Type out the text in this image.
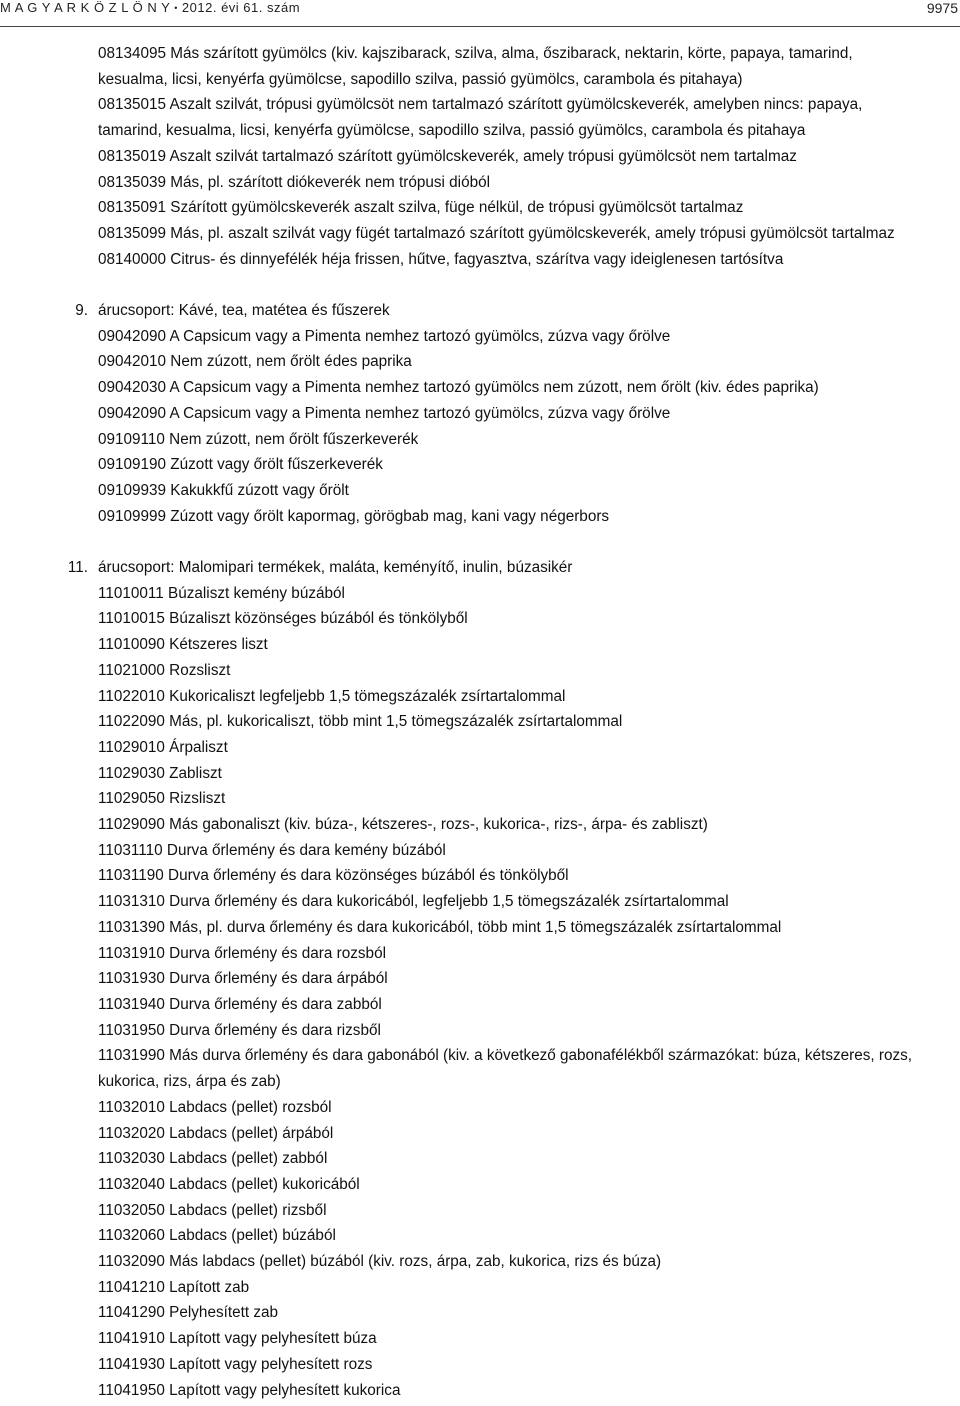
M A G Y A R K Ö Z L Ö N Y • 2012. évi 61. szám	9975
08134095 Más szárított gyümölcs (kiv. kajszibarack, szilva, alma, őszibarack, nektarin, körte, papaya, tamarind,
kesualma, licsi, kenyérfa gyümölcse, sapodillo szilva, passió gyümölcs, carambola és pitahaya)
08135015 Aszalt szilvát, trópusi gyümölcsöt nem tartalmazó szárított gyümölcskeverék, amelyben nincs: papaya,
tamarind, kesualma, licsi, kenyérfa gyümölcse, sapodillo szilva, passió gyümölcs, carambola és pitahaya
08135019 Aszalt szilvát tartalmazó szárított gyümölcskeverék, amely trópusi gyümölcsöt nem tartalmaz
08135039 Más, pl. szárított diókeverék nem trópusi dióból
08135091 Szárított gyümölcskeverék aszalt szilva, füge nélkül, de trópusi gyümölcsöt tartalmaz
08135099 Más, pl. aszalt szilvát vagy fügét tartalmazó szárított gyümölcskeverék, amely trópusi gyümölcsöt tartalmaz
08140000 Citrus- és dinnyefélék héja frissen, hűtve, fagyasztva, szárítva vagy ideiglenesen tartósítva
9. árucsoport: Kávé, tea, matétea és fűszerek
09042090 A Capsicum vagy a Pimenta nemhez tartozó gyümölcs, zúzva vagy őrölve
09042010 Nem zúzott, nem őrölt édes paprika
09042030 A Capsicum vagy a Pimenta nemhez tartozó gyümölcs nem zúzott, nem őrölt (kiv. édes paprika)
09042090 A Capsicum vagy a Pimenta nemhez tartozó gyümölcs, zúzva vagy őrölve
09109110 Nem zúzott, nem őrölt fűszerkeverék
09109190 Zúzott vagy őrölt fűszerkeverék
09109939 Kakukkfű zúzott vagy őrölt
09109999 Zúzott vagy őrölt kapormag, görögbab mag, kani vagy négerbors
11. árucsoport: Malomipari termékek, maláta, keményítő, inulin, búzasikér
11010011 Búzaliszt kemény búzából
11010015 Búzaliszt közönséges búzából és tönkölyből
11010090 Kétszeres liszt
11021000 Rozsliszt
11022010 Kukoricaliszt legfeljebb 1,5 tömegszázalék zsírtartalommal
11022090 Más, pl. kukoricaliszt, több mint 1,5 tömegszázalék zsírtartalommal
11029010 Árpaliszt
11029030 Zabliszt
11029050 Rizsliszt
11029090 Más gabonaliszt (kiv. búza-, kétszeres-, rozs-, kukorica-, rizs-, árpa- és zabliszt)
11031110 Durva őrlemény és dara kemény búzából
11031190 Durva őrlemény és dara közönséges búzából és tönkölyből
11031310 Durva őrlemény és dara kukoricából, legfeljebb 1,5 tömegszázalék zsírtartalommal
11031390 Más, pl. durva őrlemény és dara kukoricából, több mint 1,5 tömegszázalék zsírtartalommal
11031910 Durva őrlemény és dara rozsból
11031930 Durva őrlemény és dara árpából
11031940 Durva őrlemény és dara zabból
11031950 Durva őrlemény és dara rizsből
11031990 Más durva őrlemény és dara gabonából (kiv. a következő gabonafélékből származókat: búza, kétszeres, rozs,
kukorica, rizs, árpa és zab)
11032010 Labdacs (pellet) rozsból
11032020 Labdacs (pellet) árpából
11032030 Labdacs (pellet) zabból
11032040 Labdacs (pellet) kukoricából
11032050 Labdacs (pellet) rizsből
11032060 Labdacs (pellet) búzából
11032090 Más labdacs (pellet) búzából (kiv. rozs, árpa, zab, kukorica, rizs és búza)
11041210 Lapított zab
11041290 Pelyhesített zab
11041910 Lapított vagy pelyhesített búza
11041930 Lapított vagy pelyhesített rozs
11041950 Lapított vagy pelyhesített kukorica
